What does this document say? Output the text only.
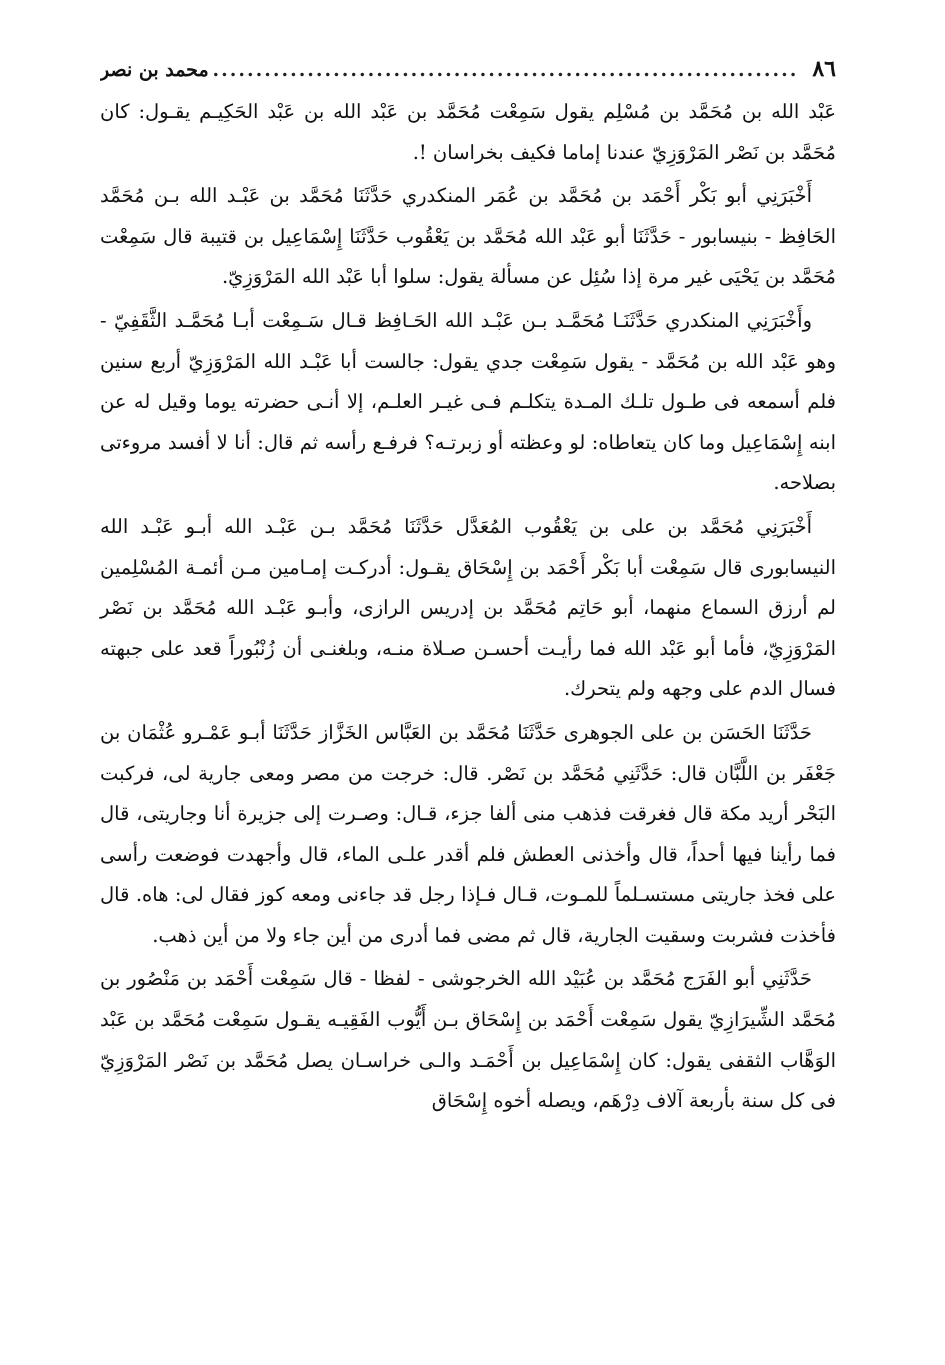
٨٦
.....
محمد بن نصر

عَبْد الله بن مُحَمَّد بن مُسْلِم يقول سَمِعْت مُحَمَّد بن عَبْد الله بن عَبْد الحَكِيـم يقـول: كان مُحَمَّد بن نَصْر المَرْوَزِيّ عندنا إماما فكيف بخراسان !.

أَخْبَرَنِي أبو بَكْر أَحْمَد بن مُحَمَّد بن عُمَر المنكدري حَدَّثَنَا مُحَمَّد بن عَبْـد الله بـن مُحَمَّد الحَافِظ - بنيسابور - حَدَّثَنَا أبو عَبْد الله مُحَمَّد بن يَعْقُوب حَدَّثَنَا إِسْمَاعِيل بن قتيبة قال سَمِعْت مُحَمَّد بن يَحْيَى غير مرة إذا سُئِل عن مسألة يقول: سلوا أبا عَبْد الله المَرْوَزِيّ.

وأَخْبَرَنِي المنكدري حَدَّثَنَـا مُحَمَّـد بـن عَبْـد الله الحَـافِظ قـال سَـمِعْت أبـا مُحَمَّـد الثَّقَفِيّ - وهو عَبْد الله بن مُحَمَّد - يقول سَمِعْت جدي يقول: جالست أبا عَبْـد الله المَرْوَزِيّ أربع سنين فلم أسمعه فى طـول تلـك المـدة يتكلـم فـى غيـر العلـم، إلا أنـى حضرته يوما وقيل له عن ابنه إِسْمَاعِيل وما كان يتعاطاه: لو وعظته أو زبرتـه؟ فرفـع رأسه ثم قال: أنا لا أفسد مروءتى بصلاحه.

أَخْبَرَنِي مُحَمَّد بن على بن يَعْقُوب المُعَدَّل حَدَّثَنَا مُحَمَّد بـن عَبْـد الله أبـو عَبْـد الله النيسابورى قال سَمِعْت أبا بَكْر أَحْمَد بن إِسْحَاق يقـول: أدركـت إمـامين مـن أئمـة المُسْلِمين لم أرزق السماع منهما، أبو حَاتِم مُحَمَّد بن إدريس الرازى، وأبـو عَبْـد الله مُحَمَّد بن نَصْر المَرْوَزِيّ، فأما أبو عَبْد الله فما رأيـت أحسـن صـلاة منـه، وبلغنـى أن زُنْبُوراً قعد على جبهته فسال الدم على وجهه ولم يتحرك.

حَدَّثَنَا الحَسَن بن على الجوهرى حَدَّثَنَا مُحَمَّد بن العَبَّاس الخَزَّاز حَدَّثَنَا أبـو عَمْـرو عُثْمَان بن جَعْفَر بن اللَّبَّان قال: حَدَّثَنِي مُحَمَّد بن نَصْر. قال: خرجت من مصر ومعى جارية لى، فركبت البَحْر أريد مكة قال فغرقت فذهب منى ألفا جزء، قـال: وصـرت إلى جزيرة أنا وجاريتى، قال فما رأينا فيها أحداً، قال وأخذنى العطش فلم أقدر علـى الماء، قال وأجهدت فوضعت رأسى على فخذ جاريتى مستسـلماً للمـوت، قـال فـإذا رجل قد جاءنى ومعه كوز فقال لى: هاه. قال فأخذت فشربت وسقيت الجارية، قال ثم مضى فما أدرى من أين جاء ولا من أين ذهب.

حَدَّثَنِي أبو الفَرَج مُحَمَّد بن عُبَيْد الله الخرجوشى - لفظا - قال سَمِعْت أَحْمَد بن مَنْصُور بن مُحَمَّد الشِّيرَازِيّ يقول سَمِعْت أَحْمَد بن إِسْحَاق بـن أَيُّوب الفَقِيـه يقـول سَمِعْت مُحَمَّد بن عَبْد الوَهَّاب الثقفى يقول: كان إِسْمَاعِيل بن أَحْمَـد والـى خراسـان يصل مُحَمَّد بن نَصْر المَرْوَزِيّ فى كل سنة بأربعة آلاف دِرْهَم، ويصله أخوه إِسْحَاق
